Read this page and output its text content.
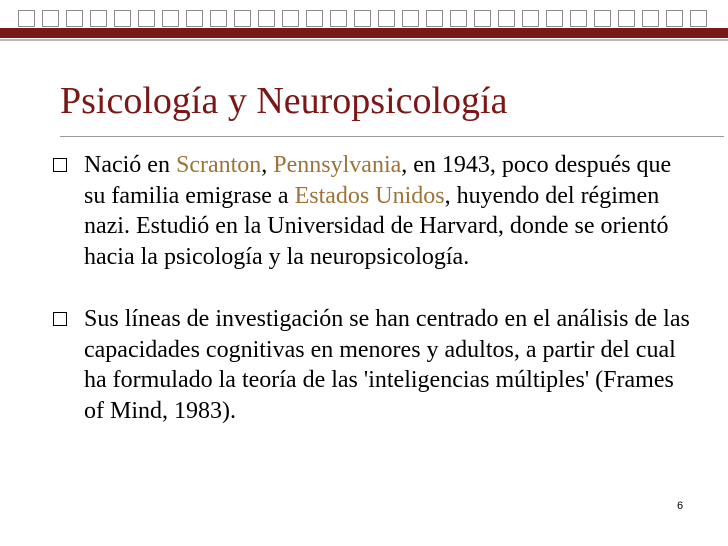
Psicología y Neuropsicología
Nació en Scranton, Pennsylvania, en 1943, poco después que su familia emigrase a Estados Unidos, huyendo del régimen nazi. Estudió en la Universidad de Harvard, donde se orientó hacia la psicología y la neuropsicología.
Sus líneas de investigación se han centrado en el análisis de las capacidades cognitivas en menores y adultos, a partir del cual ha formulado la teoría de las 'inteligencias múltiples' (Frames of Mind, 1983).
6
